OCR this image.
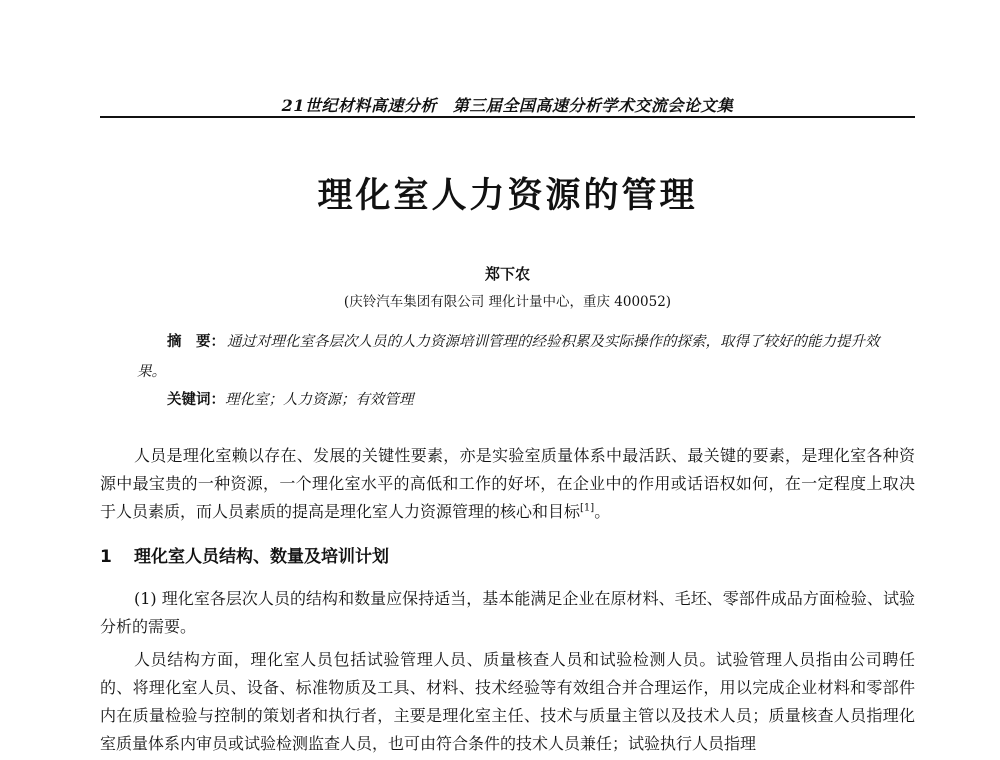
21世纪材料高速分析 第三届全国高速分析学术交流会论文集
理化室人力资源的管理
郑下农
(庆铃汽车集团有限公司 理化计量中心，重庆 400052)
摘　要： 通过对理化室各层次人员的人力资源培训管理的经验积累及实际操作的探索，取得了较好的能力提升效果。
关键词：理化室；人力资源；有效管理

人员是理化室赖以存在、发展的关键性要素，亦是实验室质量体系中最活跃、最关键的要素，是理化室各种资源中最宝贵的一种资源，一个理化室水平的高低和工作的好坏，在企业中的作用或话语权如何，在一定程度上取决于人员素质，而人员素质的提高是理化室人力资源管理的核心和目标[1]。

1 理化室人员结构、数量及培训计划

(1) 理化室各层次人员的结构和数量应保持适当，基本能满足企业在原材料、毛坯、零部件成品方面检验、试验分析的需要。

人员结构方面，理化室人员包括试验管理人员、质量核查人员和试验检测人员。试验管理人员指由公司聘任的、将理化室人员、设备、标准物质及工具、材料、技术经验等有效组合并合理运作，用以完成企业材料和零部件内在质量检验与控制的策划者和执行者，主要是理化室主任、技术与质量主管以及技术人员；质量核查人员指理化室质量体系内审员或试验检测监查人员，也可由符合条件的技术人员兼任；试验执行人员指理
